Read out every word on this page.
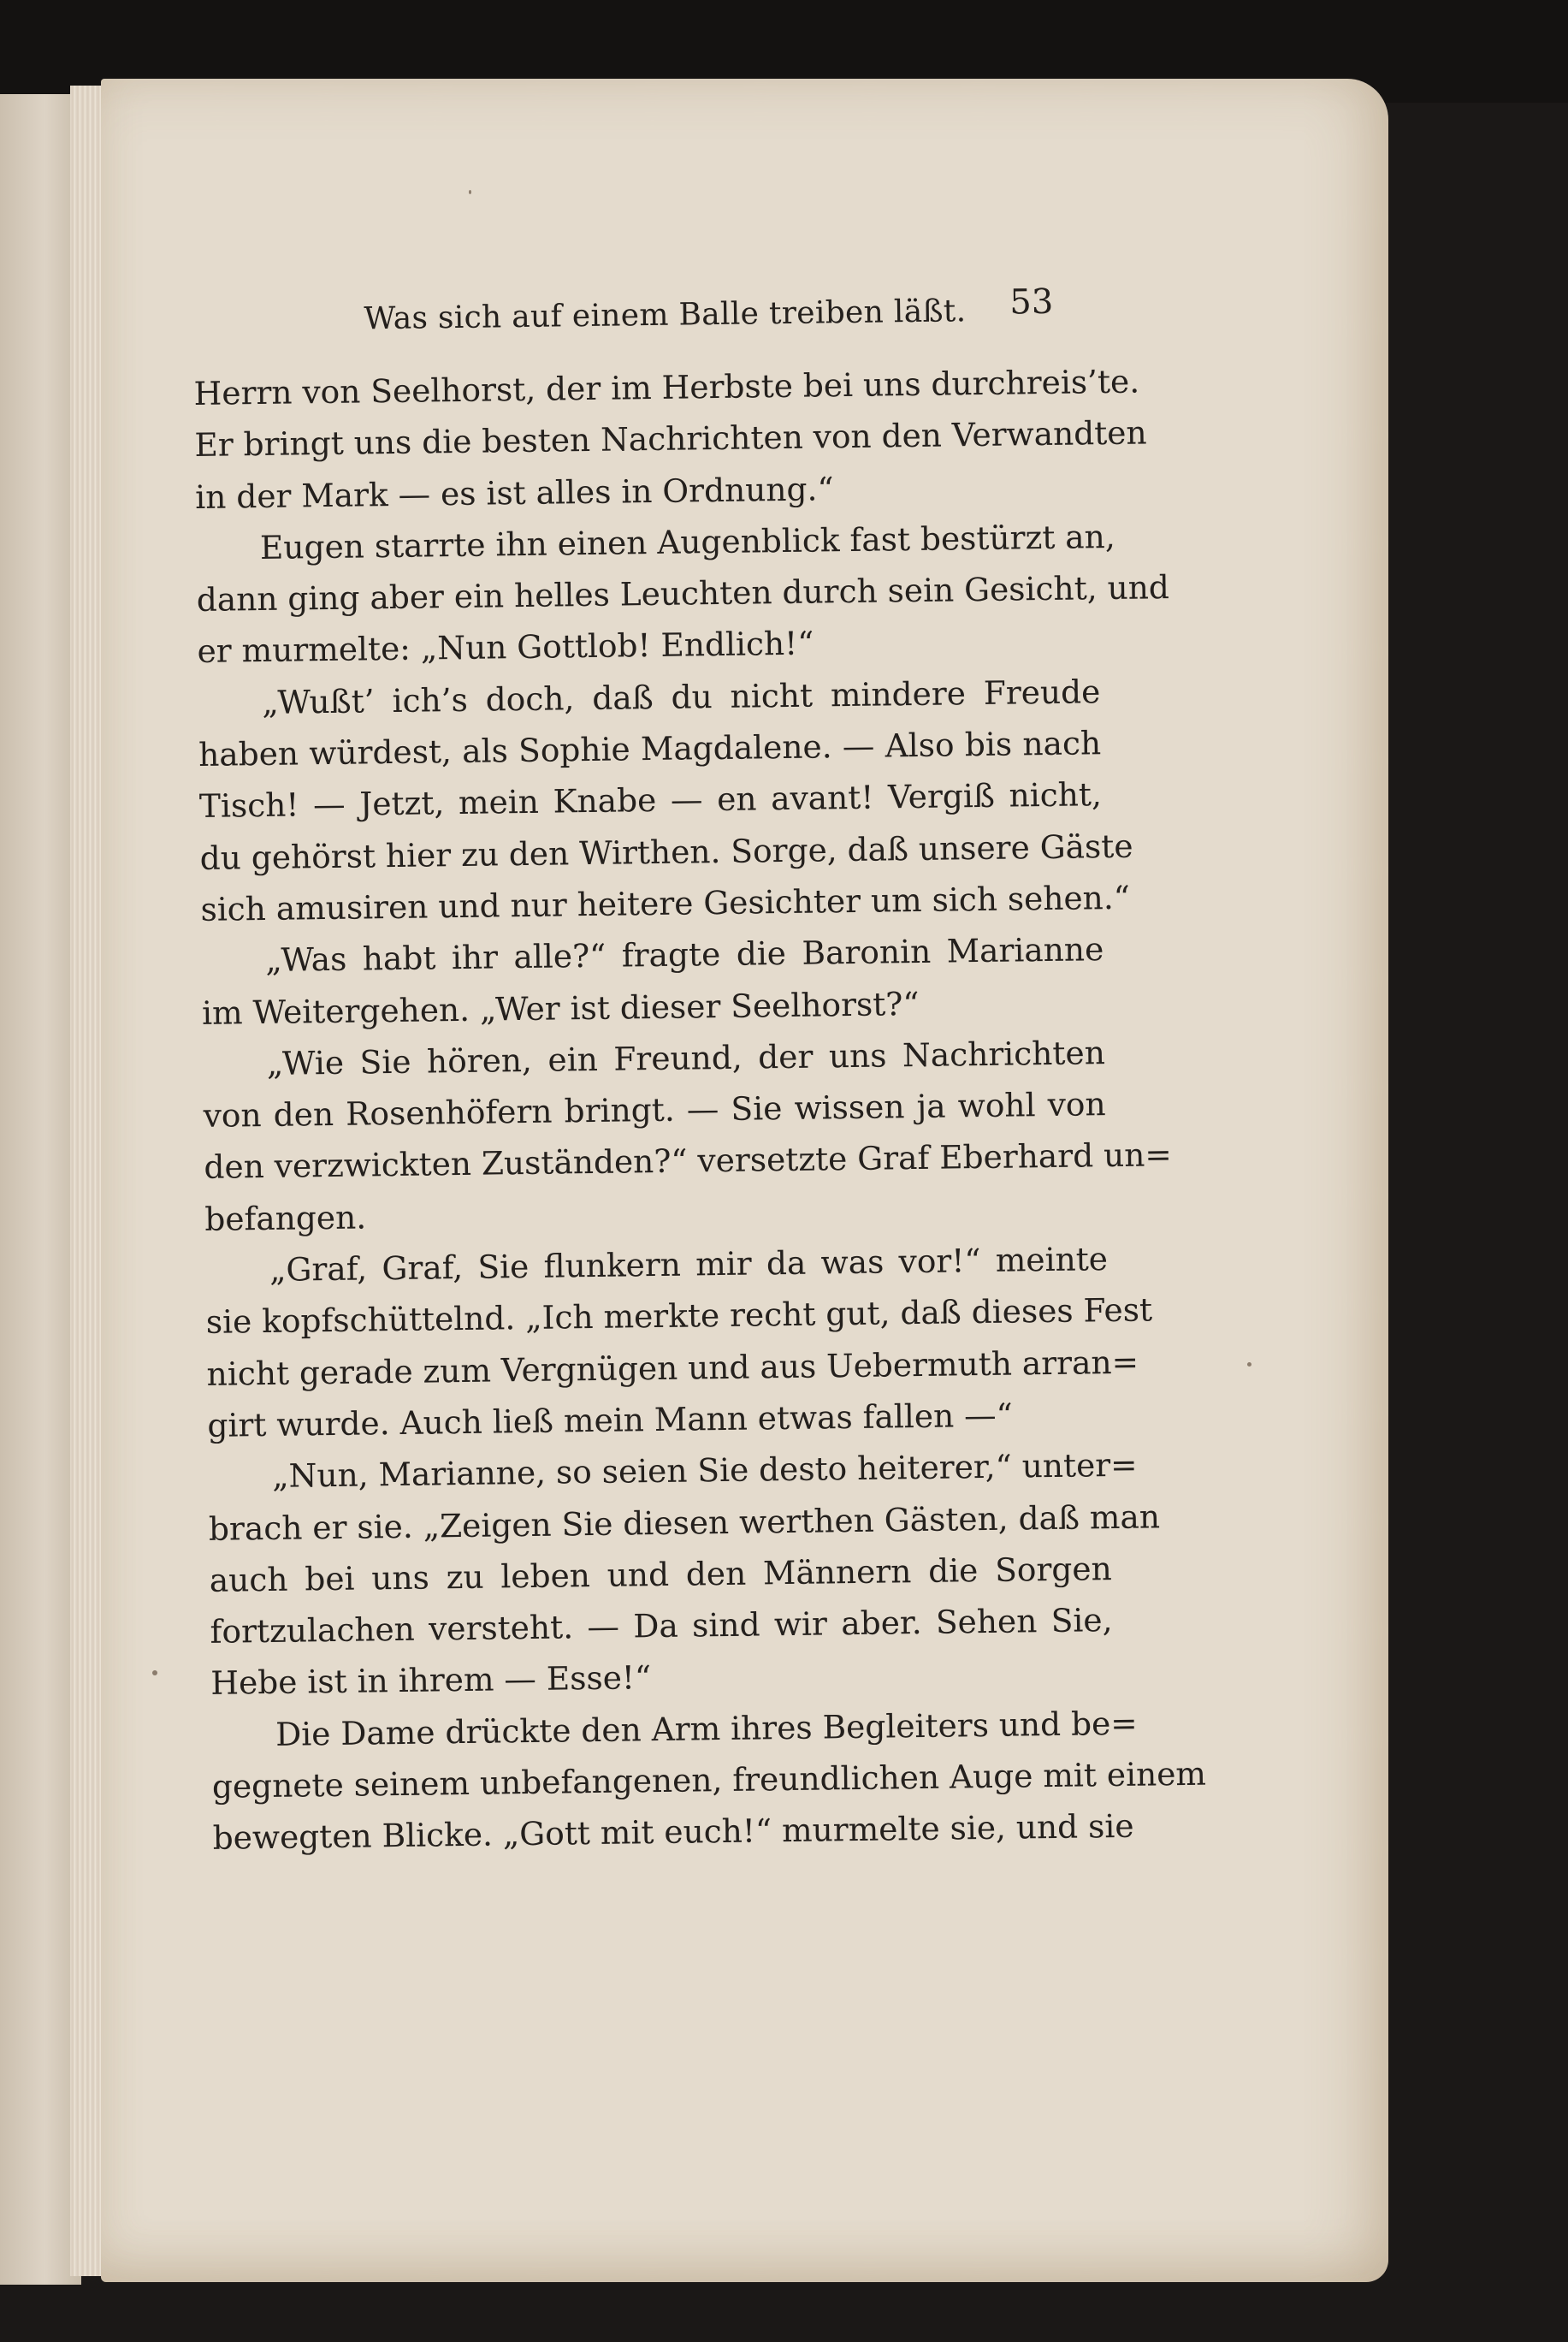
Was sich auf einem Balle treiben läßt. 53
Herrn von Seelhorst, der im Herbste bei uns durchreis’te.
Er bringt uns die besten Nachrichten von den Verwandten
in der Mark — es ist alles in Ordnung.“
Eugen starrte ihn einen Augenblick fast bestürzt an,
dann ging aber ein helles Leuchten durch sein Gesicht, und
er murmelte: „Nun Gottlob! Endlich!“
„Wußt’ ich’s doch, daß du nicht mindere Freude
haben würdest, als Sophie Magdalene. — Also bis nach
Tisch! — Jetzt, mein Knabe — en avant! Vergiß nicht,
du gehörst hier zu den Wirthen. Sorge, daß unsere Gäste
sich amusiren und nur heitere Gesichter um sich sehen.“
„Was habt ihr alle?“ fragte die Baronin Marianne
im Weitergehen. „Wer ist dieser Seelhorst?“
„Wie Sie hören, ein Freund, der uns Nachrichten
von den Rosenhöfern bringt. — Sie wissen ja wohl von
den verzwickten Zuständen?“ versetzte Graf Eberhard un=
befangen.
„Graf, Graf, Sie flunkern mir da was vor!“ meinte
sie kopfschüttelnd. „Ich merkte recht gut, daß dieses Fest
nicht gerade zum Vergnügen und aus Uebermuth arran=
girt wurde. Auch ließ mein Mann etwas fallen —“
„Nun, Marianne, so seien Sie desto heiterer,“ unter=
brach er sie. „Zeigen Sie diesen werthen Gästen, daß man
auch bei uns zu leben und den Männern die Sorgen
fortzulachen versteht. — Da sind wir aber. Sehen Sie,
Hebe ist in ihrem — Esse!“
Die Dame drückte den Arm ihres Begleiters und be=
gegnete seinem unbefangenen, freundlichen Auge mit einem
bewegten Blicke. „Gott mit euch!“ murmelte sie, und sie
